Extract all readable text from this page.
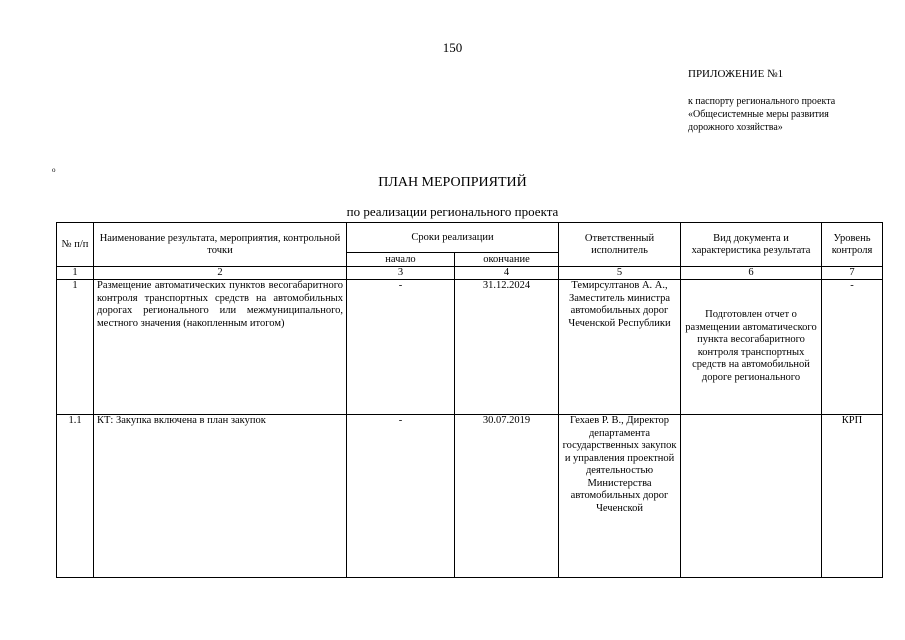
150
ПРИЛОЖЕНИЕ №1
к паспорту регионального проекта
«Общесистемные меры развития
дорожного хозяйства»
о
ПЛАН МЕРОПРИЯТИЙ
по реализации регионального проекта
№ п/п	Наименование результата, мероприятия, контрольной точки	Сроки реализации		Ответственный исполнитель	Вид документа и характеристика результата	Уровень контроля
		начало	окончание			
1	2	3	4	5	6	7
1	Размещение автоматических пунктов весогабаритного контроля транспортных средств на автомобильных дорогах регионального или межмуниципального, местного значения (накопленным итогом)	-	31.12.2024	Темирсултанов А. А., Заместитель министра автомобильных дорог Чеченской Республики	Подготовлен отчет о размещении автоматического пункта весогабаритного контроля транспортных средств на автомобильной дороге регионального	-
1.1	КТ: Закупка включена в план закупок	-	30.07.2019	Гехаев Р. В., Директор департамента государственных закупок и управления проектной деятельностью Министерства автомобильных дорог Чеченской		КРП
